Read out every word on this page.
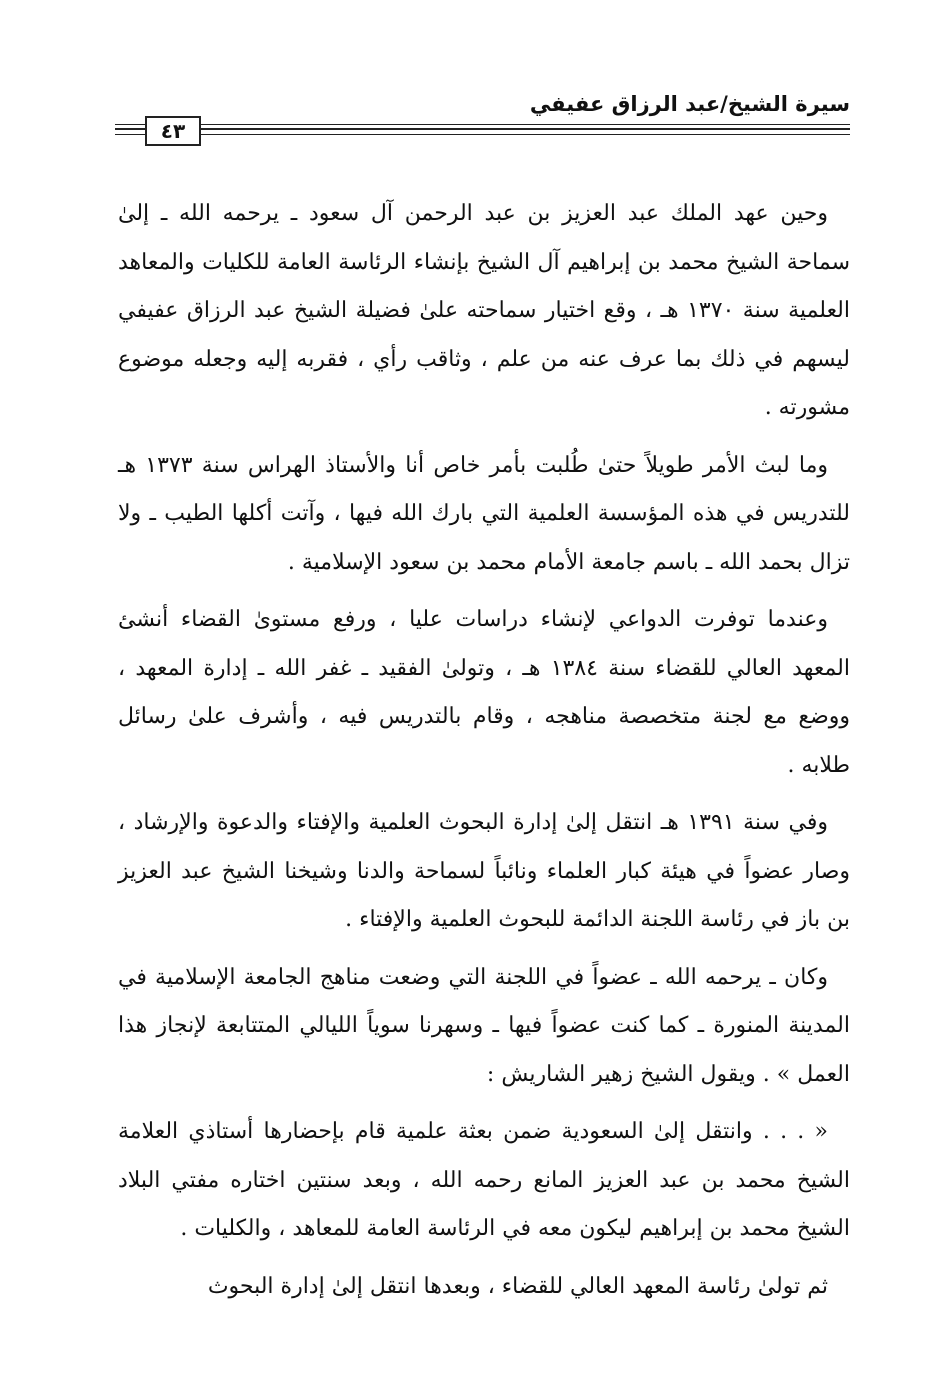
سيرة الشيخ/عبد الرزاق عفيفي
٤٣

وحين عهد الملك عبد العزيز بن عبد الرحمن آل سعود ـ يرحمه الله ـ إلىٰ سماحة الشيخ محمد بن إبراهيم آل الشيخ بإنشاء الرئاسة العامة للكليات والمعاهد العلمية سنة ١٣٧٠ هـ ، وقع اختيار سماحته علىٰ فضيلة الشيخ عبد الرزاق عفيفي ليسهم في ذلك بما عرف عنه من علم ، وثاقب رأي ، فقربه إليه وجعله موضوع مشورته .

وما لبث الأمر طويلاً حتىٰ طُلبت بأمر خاص أنا والأستاذ الهراس سنة ١٣٧٣ هـ للتدريس في هذه المؤسسة العلمية التي بارك الله فيها ، وآتت أكلها الطيب ـ ولا تزال بحمد الله ـ باسم جامعة الأمام محمد بن سعود الإسلامية .

وعندما توفرت الدواعي لإنشاء دراسات عليا ، ورفع مستوىٰ القضاء أنشئ المعهد العالي للقضاء سنة ١٣٨٤ هـ ، وتولىٰ الفقيد ـ غفر الله ـ إدارة المعهد ، ووضع مع لجنة متخصصة مناهجه ، وقام بالتدريس فيه ، وأشرف علىٰ رسائل طلابه .

وفي سنة ١٣٩١ هـ انتقل إلىٰ إدارة البحوث العلمية والإفتاء والدعوة والإرشاد ، وصار عضواً في هيئة كبار العلماء ونائباً لسماحة والدنا وشيخنا الشيخ عبد العزيز بن باز في رئاسة اللجنة الدائمة للبحوث العلمية والإفتاء .

وكان ـ يرحمه الله ـ عضواً في اللجنة التي وضعت مناهج الجامعة الإسلامية في المدينة المنورة ـ كما كنت عضواً فيها ـ وسهرنا سوياً الليالي المتتابعة لإنجاز هذا العمل » . ويقول الشيخ زهير الشاريش :

« . . . وانتقل إلىٰ السعودية ضمن بعثة علمية قام بإحضارها أستاذي العلامة الشيخ محمد بن عبد العزيز المانع رحمه الله ، وبعد سنتين اختاره مفتي البلاد الشيخ محمد بن إبراهيم ليكون معه في الرئاسة العامة للمعاهد ، والكليات .

ثم تولىٰ رئاسة المعهد العالي للقضاء ، وبعدها انتقل إلىٰ إدارة البحوث
